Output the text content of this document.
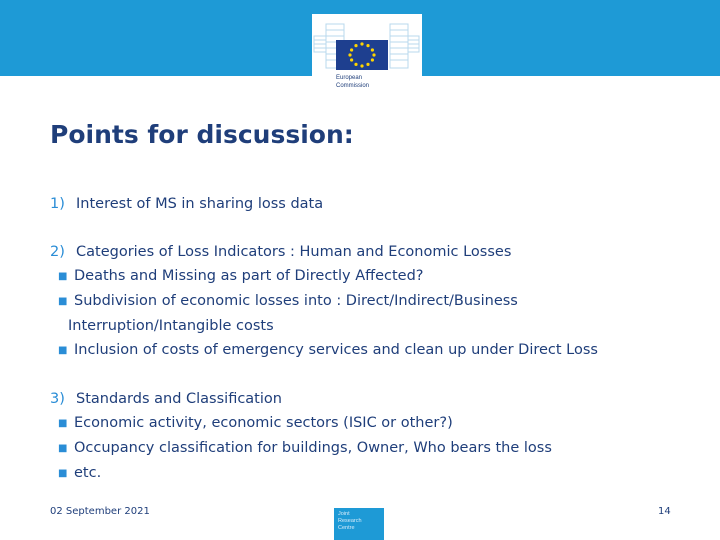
European
Commission
Points for discussion:
1) Interest of MS in sharing loss data
2) Categories of Loss Indicators : Human and Economic Losses
■ Deaths and Missing as part of Directly Affected?
■ Subdivision of economic losses into : Direct/Indirect/Business
Interruption/Intangible costs
■ Inclusion of costs of emergency services and clean up under Direct Loss
3) Standards and Classification
■ Economic activity, economic sectors (ISIC or other?)
■ Occupancy classification for buildings, Owner, Who bears the loss
■ etc.
02 September 2021	Joint
Research
Centre
14
